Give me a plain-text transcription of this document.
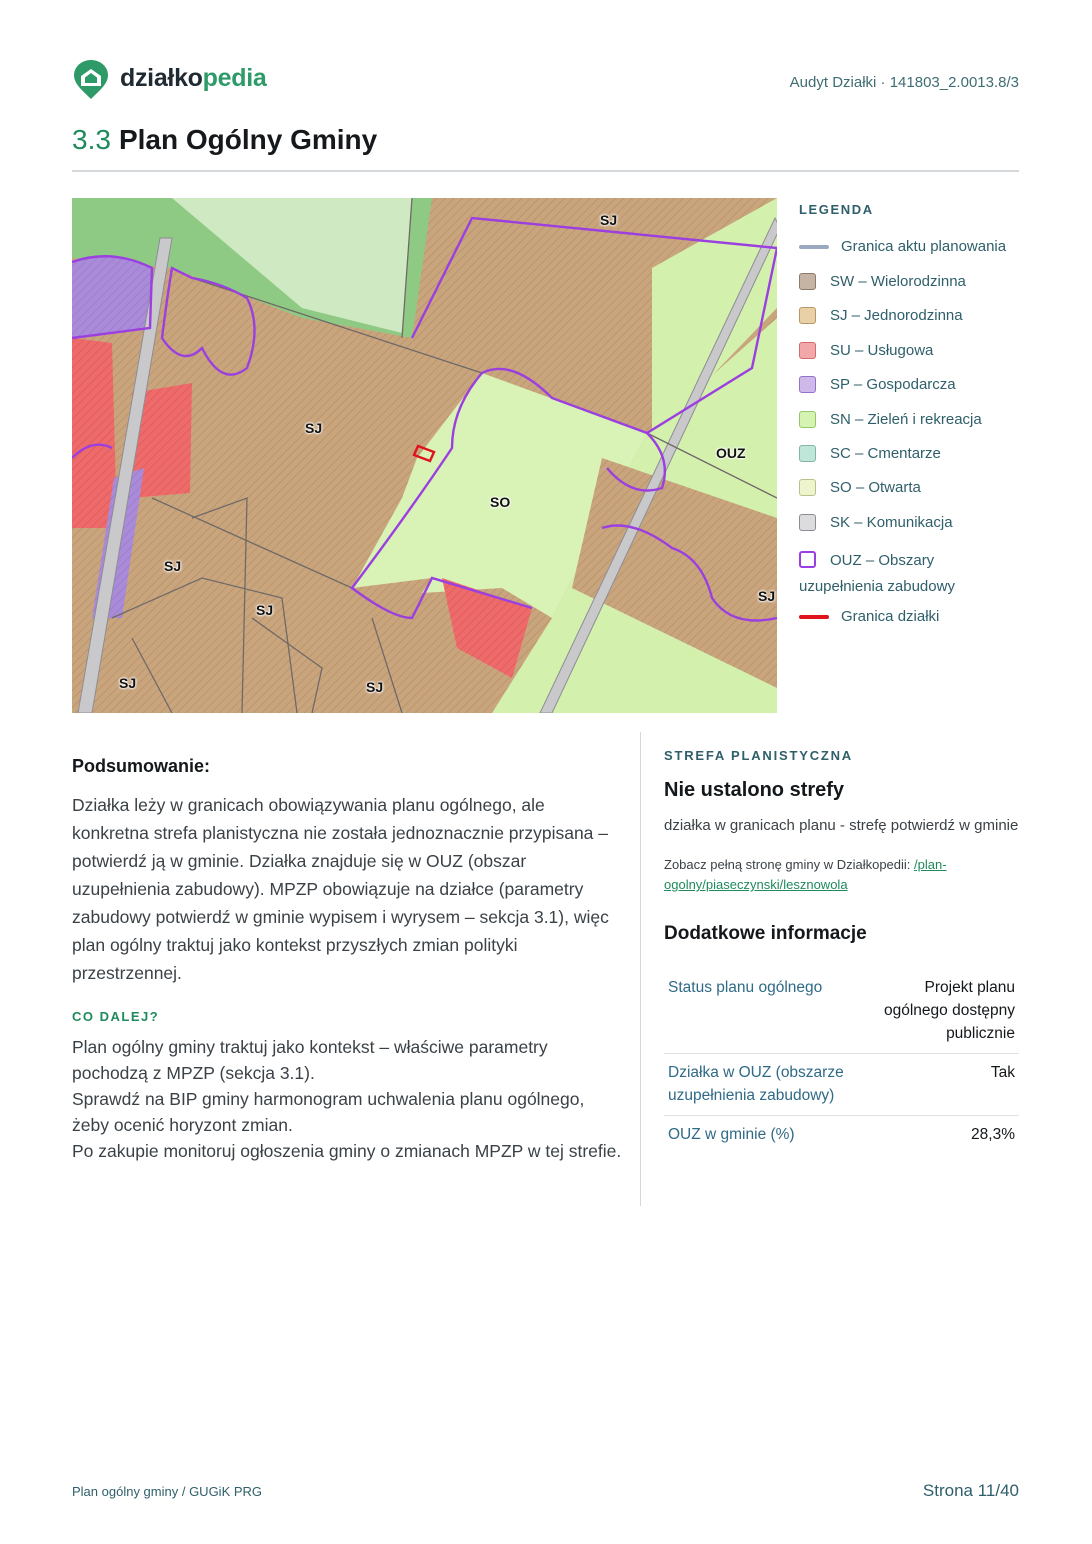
działkopedia	Audyt Działki · 141803_2.0013.8/3
3.3 Plan Ogólny Gminy
SJ
SJ
SO
OUZ
SJ
SJ
SJ
SJ	SJ
LEGENDA
Granica aktu planowania
SW – Wielorodzinna
SJ – Jednorodzinna
SU – Usługowa
SP – Gospodarcza
SN – Zieleń i rekreacja
SC – Cmentarze
SO – Otwarta
SK – Komunikacja
OUZ – Obszary uzupełnienia zabudowy
Granica działki

Podsumowanie:

Działka leży w granicach obowiązywania planu ogólnego, ale konkretna strefa planistyczna nie została jednoznacznie przypisana – potwierdź ją w gminie. Działka znajduje się w OUZ (obszar uzupełnienia zabudowy). MPZP obowiązuje na działce (parametry zabudowy potwierdź w gminie wypisem i wyrysem – sekcja 3.1), więc plan ogólny traktuj jako kontekst przyszłych zmian polityki przestrzennej.

CO DALEJ?
Plan ogólny gminy traktuj jako kontekst – właściwe parametry pochodzą z MPZP (sekcja 3.1).
Sprawdź na BIP gminy harmonogram uchwalenia planu ogólnego, żeby ocenić horyzont zmian.
Po zakupie monitoruj ogłoszenia gminy o zmianach MPZP w tej strefie.
STREFA PLANISTYCZNA
Nie ustalono strefy
działka w granicach planu - strefę potwierdź w gminie
Zobacz pełną stronę gminy w Działkopedii: /plan-ogolny/piaseczynski/lesznowola
Dodatkowe informacje
Status planu ogólnego	Projekt planu ogólnego dostępny publicznie
Działka w OUZ (obszarze uzupełnienia zabudowy)	Tak
OUZ w gminie (%)	28,3%
Plan ogólny gminy / GUGiK PRG	Strona 11/40
